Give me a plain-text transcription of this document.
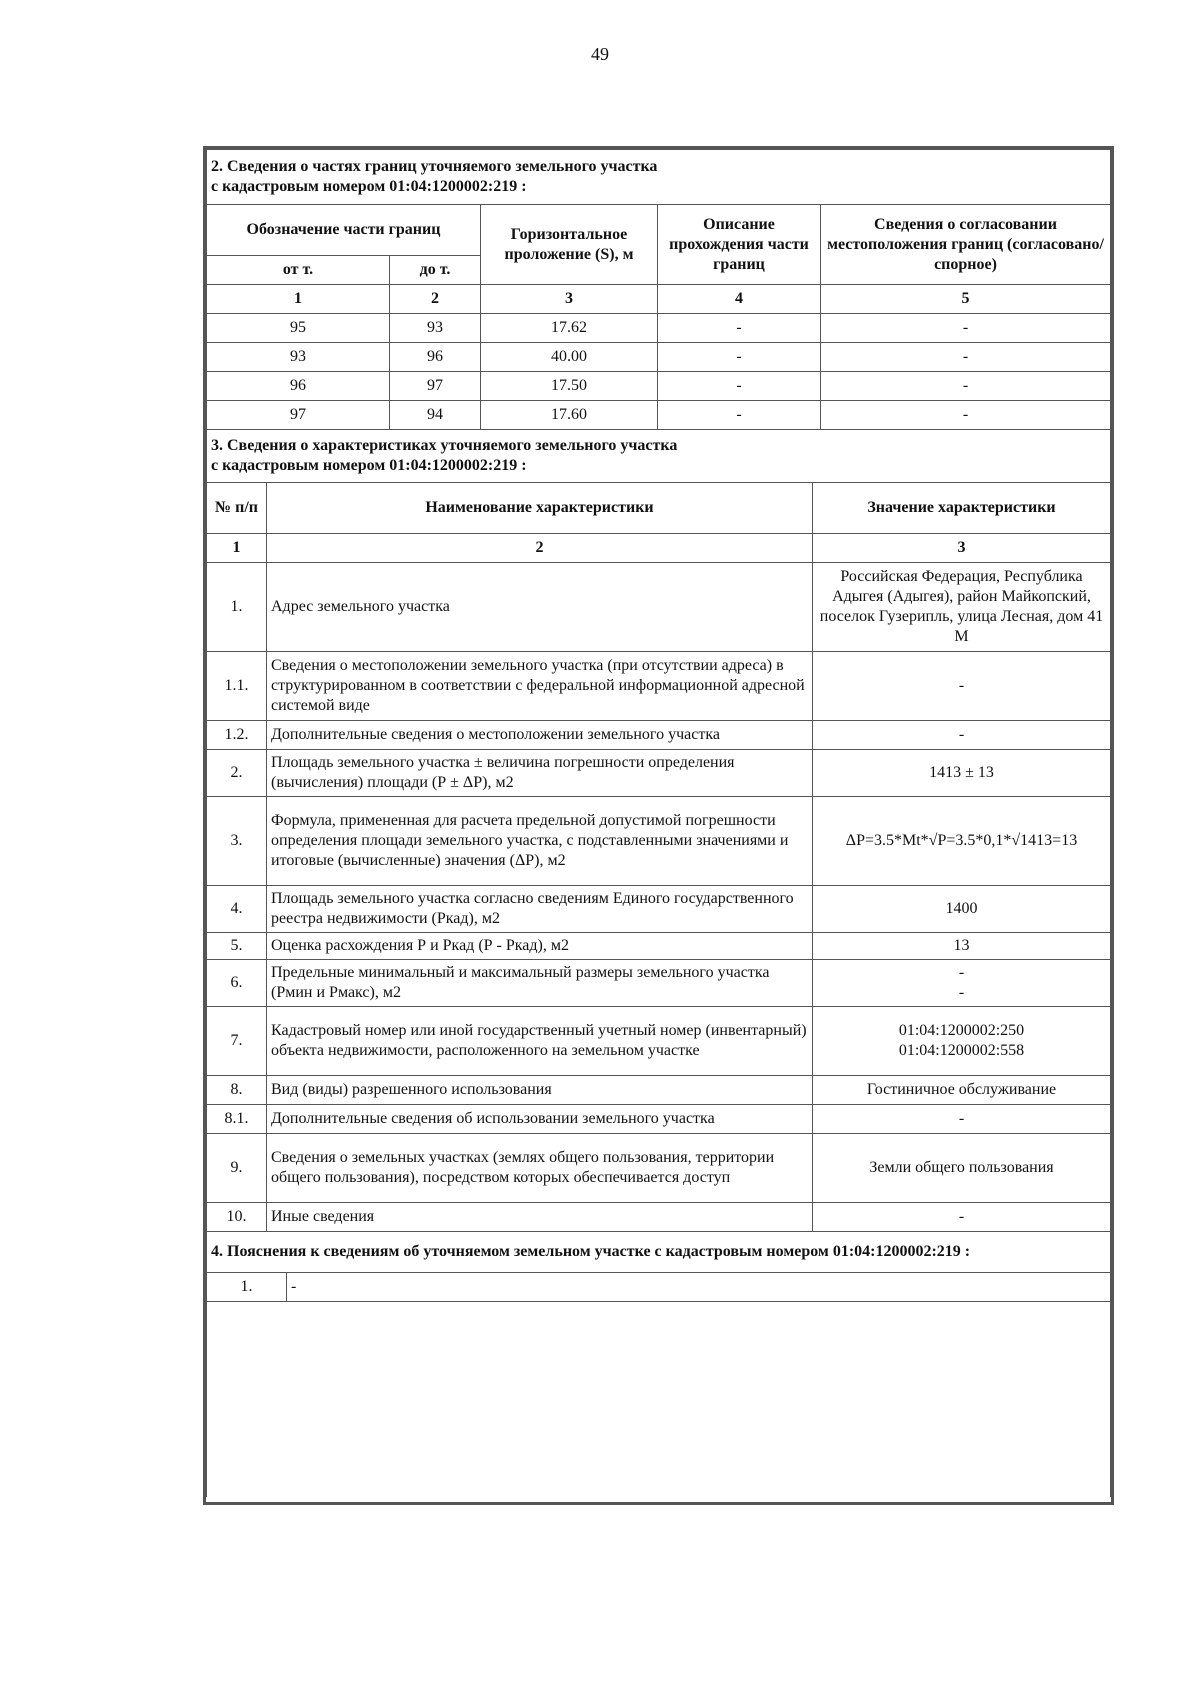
49
2. Сведения о частях границ уточняемого земельного участка
с кадастровым номером 01:04:1200002:219 :				

Обозначение части границ		Горизонтальное проложение (S), м	Описание прохождения части границ	Сведения о согласовании местоположения границ (согласовано/спорное)
от т.	до т.			
1	2	3	4	5
95	93	17.62	-	-
93	96	40.00	-	-
96	97	17.50	-	-
97	94	17.60	-	-
3. Сведения о характеристиках уточняемого земельного участка
с кадастровым номером 01:04:1200002:219 :		

№ п/п	Наименование характеристики	Значение характеристики
1	2	3
1.	Адрес земельного участка	Российская Федерация, Республика Адыгея (Адыгея), район Майкопский, поселок Гузерипль, улица Лесная, дом 41 М
1.1.	Сведения о местоположении земельного участка (при отсутствии адреса) в структурированном в соответствии с федеральной информационной адресной системой виде	-
1.2.	Дополнительные сведения о местоположении земельного участка	-
2.	Площадь земельного участка ± величина погрешности определения (вычисления) площади (Р ± ΔР), м2	1413 ± 13
3.	Формула, примененная для расчета предельной допустимой погрешности определения площади земельного участка, с подставленными значениями и итоговые (вычисленные) значения (ΔР), м2	ΔР=3.5*Mt*√P=3.5*0,1*√1413=13
4.	Площадь земельного участка согласно сведениям Единого государственного реестра недвижимости (Ркад), м2	1400
5.	Оценка расхождения Р и Ркад (Р - Ркад), м2	13
6.	Предельные минимальный и максимальный размеры земельного участка (Рмин и Рмакс), м2	-
-
7.	Кадастровый номер или иной государственный учетный номер (инвентарный) объекта недвижимости, расположенного на земельном участке	01:04:1200002:250
01:04:1200002:558
8.	Вид (виды) разрешенного использования	Гостиничное обслуживание
8.1.	Дополнительные сведения об использовании земельного участка	-
9.	Сведения о земельных участках (землях общего пользования, территории общего пользования), посредством которых обеспечивается доступ	Земли общего пользования
10.	Иные сведения	-
4. Пояснения к сведениям об уточняемом земельном участке с кадастровым номером 01:04:1200002:219 :
1.	-
